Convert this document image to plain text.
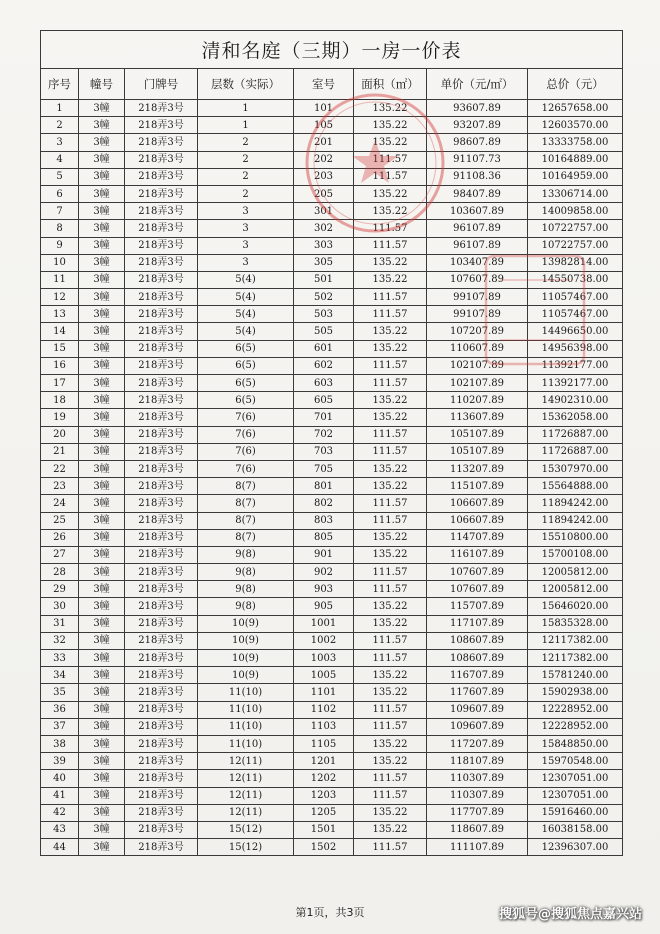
清和名庭（三期）一房一价表							
序号	幢号	门牌号	层数（实际）	室号	面积（㎡）	单价（元/㎡）	总价（元）
1	3幢	218弄3号	1	101	135.22	93607.89	12657658.00
2	3幢	218弄3号	1	105	135.22	93207.89	12603570.00
3	3幢	218弄3号	2	201	135.22	98607.89	13333758.00
4	3幢	218弄3号	2	202	111.57	91107.73	10164889.00
5	3幢	218弄3号	2	203	111.57	91108.36	10164959.00
6	3幢	218弄3号	2	205	135.22	98407.89	13306714.00
7	3幢	218弄3号	3	301	135.22	103607.89	14009858.00
8	3幢	218弄3号	3	302	111.57	96107.89	10722757.00
9	3幢	218弄3号	3	303	111.57	96107.89	10722757.00
10	3幢	218弄3号	3	305	135.22	103407.89	13982814.00
11	3幢	218弄3号	5(4)	501	135.22	107607.89	14550738.00
12	3幢	218弄3号	5(4)	502	111.57	99107.89	11057467.00
13	3幢	218弄3号	5(4)	503	111.57	99107.89	11057467.00
14	3幢	218弄3号	5(4)	505	135.22	107207.89	14496650.00
15	3幢	218弄3号	6(5)	601	135.22	110607.89	14956398.00
16	3幢	218弄3号	6(5)	602	111.57	102107.89	11392177.00
17	3幢	218弄3号	6(5)	603	111.57	102107.89	11392177.00
18	3幢	218弄3号	6(5)	605	135.22	110207.89	14902310.00
19	3幢	218弄3号	7(6)	701	135.22	113607.89	15362058.00
20	3幢	218弄3号	7(6)	702	111.57	105107.89	11726887.00
21	3幢	218弄3号	7(6)	703	111.57	105107.89	11726887.00
22	3幢	218弄3号	7(6)	705	135.22	113207.89	15307970.00
23	3幢	218弄3号	8(7)	801	135.22	115107.89	15564888.00
24	3幢	218弄3号	8(7)	802	111.57	106607.89	11894242.00
25	3幢	218弄3号	8(7)	803	111.57	106607.89	11894242.00
26	3幢	218弄3号	8(7)	805	135.22	114707.89	15510800.00
27	3幢	218弄3号	9(8)	901	135.22	116107.89	15700108.00
28	3幢	218弄3号	9(8)	902	111.57	107607.89	12005812.00
29	3幢	218弄3号	9(8)	903	111.57	107607.89	12005812.00
30	3幢	218弄3号	9(8)	905	135.22	115707.89	15646020.00
31	3幢	218弄3号	10(9)	1001	135.22	117107.89	15835328.00
32	3幢	218弄3号	10(9)	1002	111.57	108607.89	12117382.00
33	3幢	218弄3号	10(9)	1003	111.57	108607.89	12117382.00
34	3幢	218弄3号	10(9)	1005	135.22	116707.89	15781240.00
35	3幢	218弄3号	11(10)	1101	135.22	117607.89	15902938.00
36	3幢	218弄3号	11(10)	1102	111.57	109607.89	12228952.00
37	3幢	218弄3号	11(10)	1103	111.57	109607.89	12228952.00
38	3幢	218弄3号	11(10)	1105	135.22	117207.89	15848850.00
39	3幢	218弄3号	12(11)	1201	135.22	118107.89	15970548.00
40	3幢	218弄3号	12(11)	1202	111.57	110307.89	12307051.00
41	3幢	218弄3号	12(11)	1203	111.57	110307.89	12307051.00
42	3幢	218弄3号	12(11)	1205	135.22	117707.89	15916460.00
43	3幢	218弄3号	15(12)	1501	135.22	118607.89	16038158.00
44	3幢	218弄3号	15(12)	1502	111.57	111107.89	12396307.00
第1页，共3页	搜狐号@搜狐焦点嘉兴站
